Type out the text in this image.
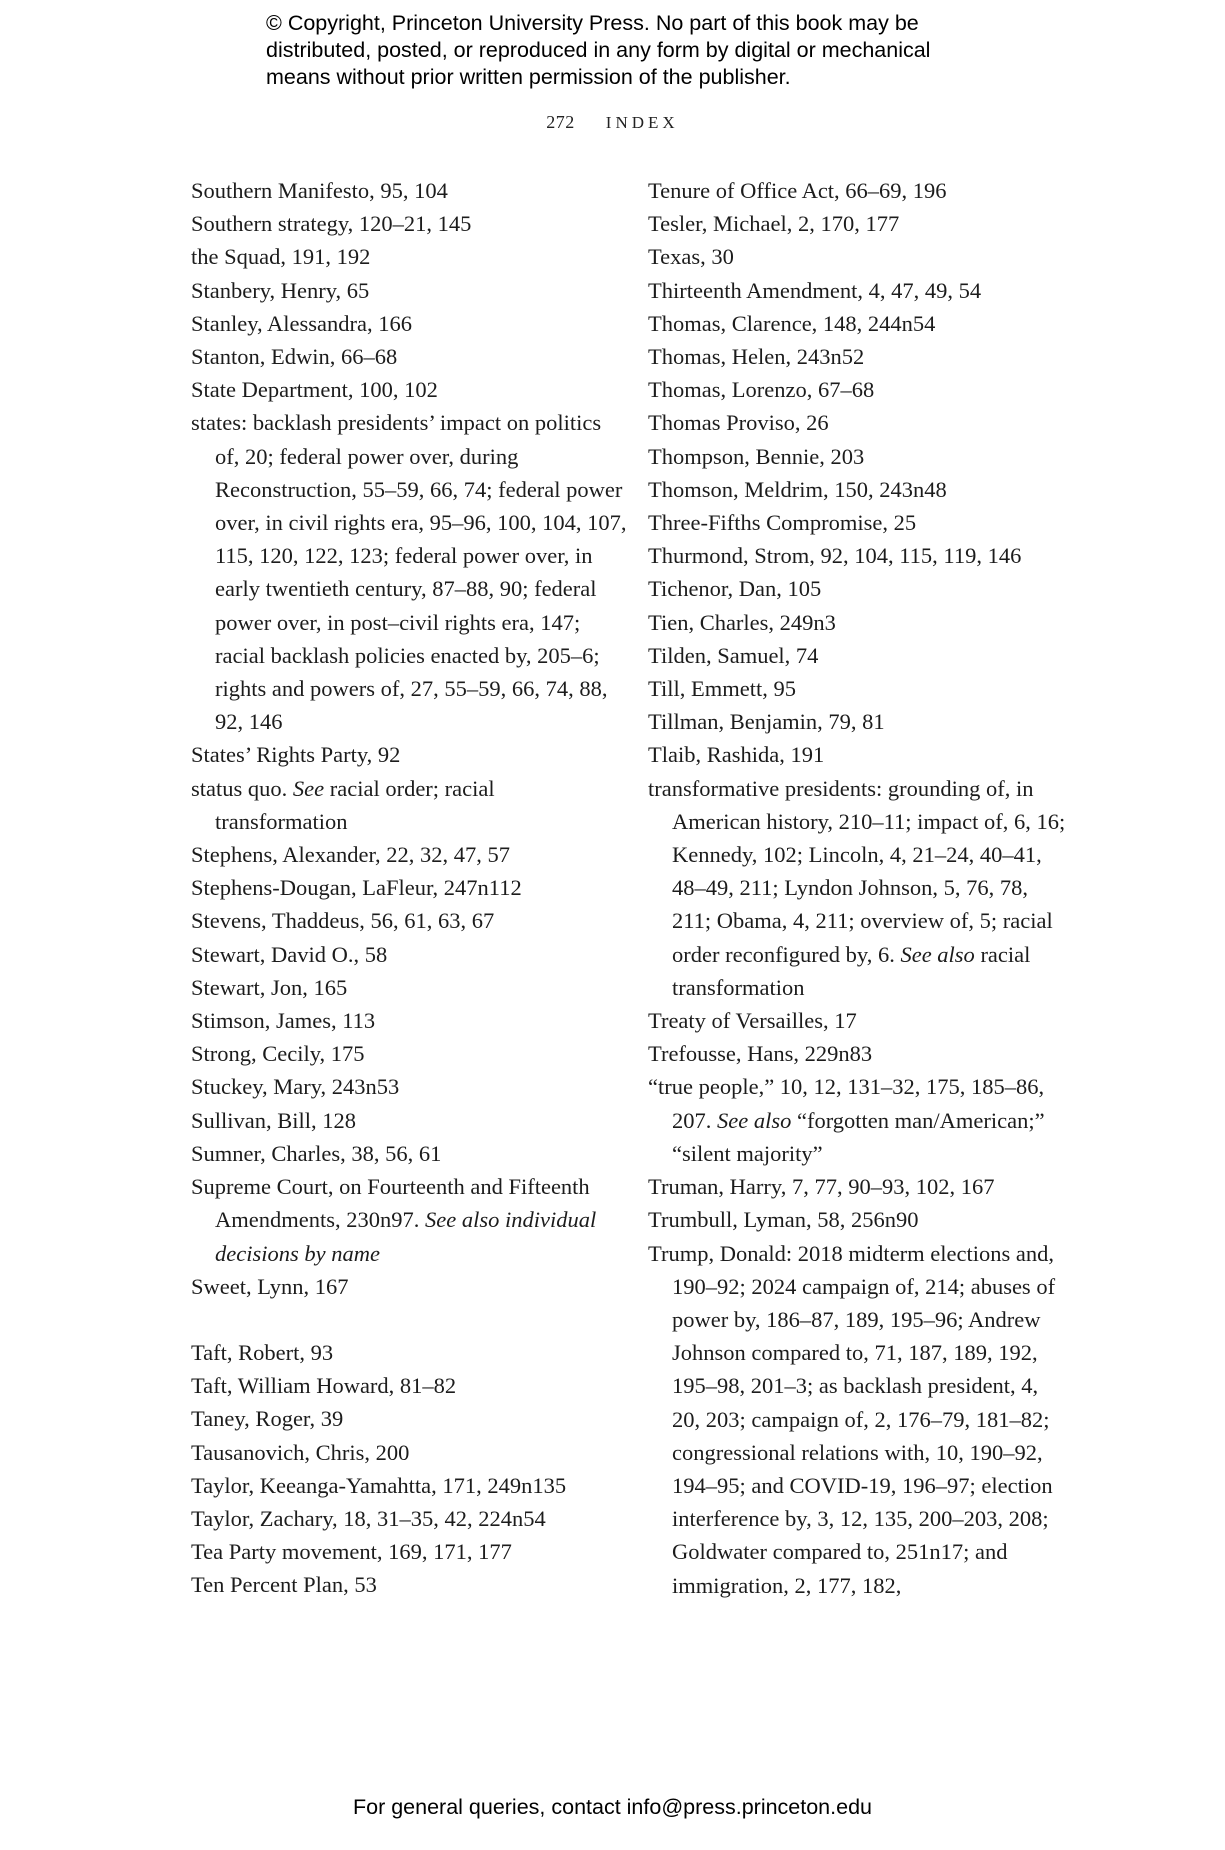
© Copyright, Princeton University Press. No part of this book may be distributed, posted, or reproduced in any form by digital or mechanical means without prior written permission of the publisher.
272 INDEX
Southern Manifesto, 95, 104
Southern strategy, 120–21, 145
the Squad, 191, 192
Stanbery, Henry, 65
Stanley, Alessandra, 166
Stanton, Edwin, 66–68
State Department, 100, 102
states: backlash presidents’ impact on politics of, 20; federal power over, during Reconstruction, 55–59, 66, 74; federal power over, in civil rights era, 95–96, 100, 104, 107, 115, 120, 122, 123; federal power over, in early twentieth century, 87–88, 90; federal power over, in post–civil rights era, 147; racial backlash policies enacted by, 205–6; rights and powers of, 27, 55–59, 66, 74, 88, 92, 146
States’ Rights Party, 92
status quo. See racial order; racial transformation
Stephens, Alexander, 22, 32, 47, 57
Stephens-Dougan, LaFleur, 247n112
Stevens, Thaddeus, 56, 61, 63, 67
Stewart, David O., 58
Stewart, Jon, 165
Stimson, James, 113
Strong, Cecily, 175
Stuckey, Mary, 243n53
Sullivan, Bill, 128
Sumner, Charles, 38, 56, 61
Supreme Court, on Fourteenth and Fifteenth Amendments, 230n97. See also individual decisions by name
Sweet, Lynn, 167
Taft, Robert, 93
Taft, William Howard, 81–82
Taney, Roger, 39
Tausanovich, Chris, 200
Taylor, Keeanga-Yamahtta, 171, 249n135
Taylor, Zachary, 18, 31–35, 42, 224n54
Tea Party movement, 169, 171, 177
Ten Percent Plan, 53
Tenure of Office Act, 66–69, 196
Tesler, Michael, 2, 170, 177
Texas, 30
Thirteenth Amendment, 4, 47, 49, 54
Thomas, Clarence, 148, 244n54
Thomas, Helen, 243n52
Thomas, Lorenzo, 67–68
Thomas Proviso, 26
Thompson, Bennie, 203
Thomson, Meldrim, 150, 243n48
Three-Fifths Compromise, 25
Thurmond, Strom, 92, 104, 115, 119, 146
Tichenor, Dan, 105
Tien, Charles, 249n3
Tilden, Samuel, 74
Till, Emmett, 95
Tillman, Benjamin, 79, 81
Tlaib, Rashida, 191
transformative presidents: grounding of, in American history, 210–11; impact of, 6, 16; Kennedy, 102; Lincoln, 4, 21–24, 40–41, 48–49, 211; Lyndon Johnson, 5, 76, 78, 211; Obama, 4, 211; overview of, 5; racial order reconfigured by, 6. See also racial transformation
Treaty of Versailles, 17
Trefousse, Hans, 229n83
“true people,” 10, 12, 131–32, 175, 185–86, 207. See also “forgotten man/American;” “silent majority”
Truman, Harry, 7, 77, 90–93, 102, 167
Trumbull, Lyman, 58, 256n90
Trump, Donald: 2018 midterm elections and, 190–92; 2024 campaign of, 214; abuses of power by, 186–87, 189, 195–96; Andrew Johnson compared to, 71, 187, 189, 192, 195–98, 201–3; as backlash president, 4, 20, 203; campaign of, 2, 176–79, 181–82; congressional relations with, 10, 190–92, 194–95; and COVID-19, 196–97; election interference by, 3, 12, 135, 200–203, 208; Goldwater compared to, 251n17; and immigration, 2, 177, 182,
For general queries, contact info@press.princeton.edu
